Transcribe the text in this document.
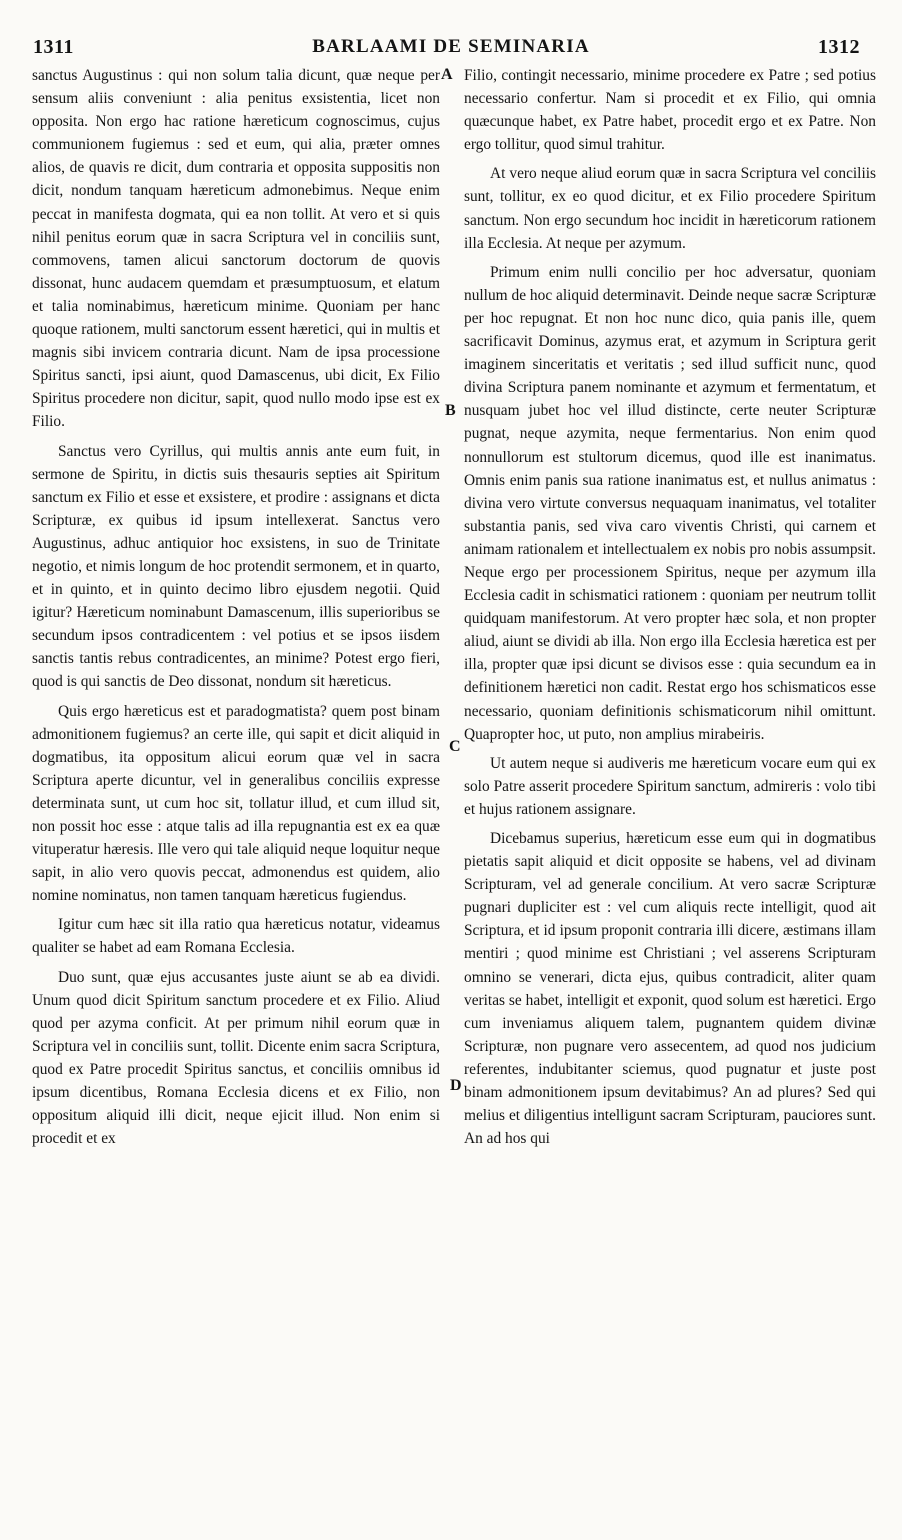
1311	BARLAAMI DE SEMINARIA	1312
A
B
C
D

sanctus Augustinus : qui non solum talia dicunt, quæ neque per sensum aliis conveniunt : alia penitus exsistentia, licet non opposita. Non ergo hac ratione hæreticum cognoscimus, cujus communionem fugiemus : sed et eum, qui alia, præter omnes alios, de quavis re dicit, dum contraria et opposita suppositis non dicit, nondum tanquam hæreticum admonebimus. Neque enim peccat in manifesta dogmata, qui ea non tollit. At vero et si quis nihil penitus eorum quæ in sacra Scriptura vel in conciliis sunt, commovens, tamen alicui sanctorum doctorum de quovis dissonat, hunc audacem quemdam et præsumptuosum, et elatum et talia nominabimus, hæreticum minime. Quoniam per hanc quoque rationem, multi sanctorum essent hæretici, qui in multis et magnis sibi invicem contraria dicunt. Nam de ipsa processione Spiritus sancti, ipsi aiunt, quod Damascenus, ubi dicit, Ex Filio Spiritus procedere non dicitur, sapit, quod nullo modo ipse est ex Filio.

Sanctus vero Cyrillus, qui multis annis ante eum fuit, in sermone de Spiritu, in dictis suis thesauris septies ait Spiritum sanctum ex Filio et esse et exsistere, et prodire : assignans et dicta Scripturæ, ex quibus id ipsum intellexerat. Sanctus vero Augustinus, adhuc antiquior hoc exsistens, in suo de Trinitate negotio, et nimis longum de hoc protendit sermonem, et in quarto, et in quinto, et in quinto decimo libro ejusdem negotii. Quid igitur? Hæreticum nominabunt Damascenum, illis superioribus se secundum ipsos contradicentem : vel potius et se ipsos iisdem sanctis tantis rebus contradicentes, an minime? Potest ergo fieri, quod is qui sanctis de Deo dissonat, nondum sit hæreticus.

Quis ergo hæreticus est et paradogmatista? quem post binam admonitionem fugiemus? an certe ille, qui sapit et dicit aliquid in dogmatibus, ita oppositum alicui eorum quæ vel in sacra Scriptura aperte dicuntur, vel in generalibus conciliis expresse determinata sunt, ut cum hoc sit, tollatur illud, et cum illud sit, non possit hoc esse : atque talis ad illa repugnantia est ex ea quæ vituperatur hæresis. Ille vero qui tale aliquid neque loquitur neque sapit, in alio vero quovis peccat, admonendus est quidem, alio nomine nominatus, non tamen tanquam hæreticus fugiendus.

Igitur cum hæc sit illa ratio qua hæreticus notatur, videamus qualiter se habet ad eam Romana Ecclesia.

Duo sunt, quæ ejus accusantes juste aiunt se ab ea dividi. Unum quod dicit Spiritum sanctum procedere et ex Filio. Aliud quod per azyma conficit. At per primum nihil eorum quæ in Scriptura vel in conciliis sunt, tollit. Dicente enim sacra Scriptura, quod ex Patre procedit Spiritus sanctus, et conciliis omnibus id ipsum dicentibus, Romana Ecclesia dicens et ex Filio, non oppositum aliquid illi dicit, neque ejicit illud. Non enim si procedit et ex

Filio, contingit necessario, minime procedere ex Patre ; sed potius necessario confertur. Nam si procedit et ex Filio, qui omnia quæcunque habet, ex Patre habet, procedit ergo et ex Patre. Non ergo tollitur, quod simul trahitur.

At vero neque aliud eorum quæ in sacra Scriptura vel conciliis sunt, tollitur, ex eo quod dicitur, et ex Filio procedere Spiritum sanctum. Non ergo secundum hoc incidit in hæreticorum rationem illa Ecclesia. At neque per azymum.

Primum enim nulli concilio per hoc adversatur, quoniam nullum de hoc aliquid determinavit. Deinde neque sacræ Scripturæ per hoc repugnat. Et non hoc nunc dico, quia panis ille, quem sacrificavit Dominus, azymus erat, et azymum in Scriptura gerit imaginem sinceritatis et veritatis ; sed illud sufficit nunc, quod divina Scriptura panem nominante et azymum et fermentatum, et nusquam jubet hoc vel illud distincte, certe neuter Scripturæ pugnat, neque azymita, neque fermentarius. Non enim quod nonnullorum est stultorum dicemus, quod ille est inanimatus. Omnis enim panis sua ratione inanimatus est, et nullus animatus : divina vero virtute conversus nequaquam inanimatus, vel totaliter substantia panis, sed viva caro viventis Christi, qui carnem et animam rationalem et intellectualem ex nobis pro nobis assumpsit. Neque ergo per processionem Spiritus, neque per azymum illa Ecclesia cadit in schismatici rationem : quoniam per neutrum tollit quidquam manifestorum. At vero propter hæc sola, et non propter aliud, aiunt se dividi ab illa. Non ergo illa Ecclesia hæretica est per illa, propter quæ ipsi dicunt se divisos esse : quia secundum ea in definitionem hæretici non cadit. Restat ergo hos schismaticos esse necessario, quoniam definitionis schismaticorum nihil omittunt. Quapropter hoc, ut puto, non amplius mirabeiris.

Ut autem neque si audiveris me hæreticum vocare eum qui ex solo Patre asserit procedere Spiritum sanctum, admireris : volo tibi et hujus rationem assignare.

Dicebamus superius, hæreticum esse eum qui in dogmatibus pietatis sapit aliquid et dicit opposite se habens, vel ad divinam Scripturam, vel ad generale concilium. At vero sacræ Scripturæ pugnari dupliciter est : vel cum aliquis recte intelligit, quod ait Scriptura, et id ipsum proponit contraria illi dicere, æstimans illam mentiri ; quod minime est Christiani ; vel asserens Scripturam omnino se venerari, dicta ejus, quibus contradicit, aliter quam veritas se habet, intelligit et exponit, quod solum est hæretici. Ergo cum inveniamus aliquem talem, pugnantem quidem divinæ Scripturæ, non pugnare vero assecentem, ad quod nos judicium referentes, indubitanter sciemus, quod pugnatur et juste post binam admonitionem ipsum devitabimus? An ad plures? Sed qui melius et diligentius intelligunt sacram Scripturam, pauciores sunt. An ad hos qui
